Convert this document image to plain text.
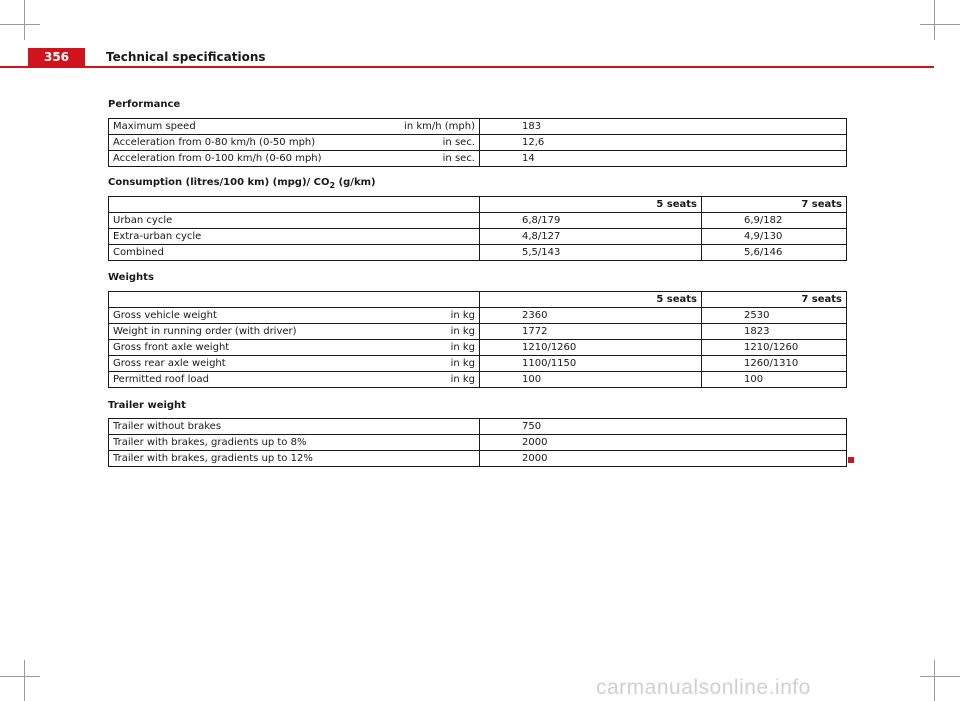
356	Technical specifications
Performance
Maximum speed in km/h (mph)	183

Acceleration from 0-80 km/h (0-50 mph) in sec.	12,6

Acceleration from 0-100 km/h (0-60 mph) in sec.	14
Consumption (litres/100 km) (mpg)/ $CO_2$ (g/km)
	5 seats	7 seats

Urban cycle	6,8/179	6,9/182

Extra-urban cycle	4,8/127	4,9/130

Combined	5,5/143	5,6/146
Weights
	5 seats	7 seats

Gross vehicle weight in kg	2360	2530

Weight in running order (with driver) in kg	1772	1823

Gross front axle weight in kg	1210/1260	1210/1260

Gross rear axle weight in kg	1100/1150	1260/1310

Permitted roof load in kg	100	100
Trailer weight
Trailer without brakes	750

Trailer with brakes, gradients up to 8%	2000

Trailer with brakes, gradients up to 12%	2000
carmanualsonline.info
